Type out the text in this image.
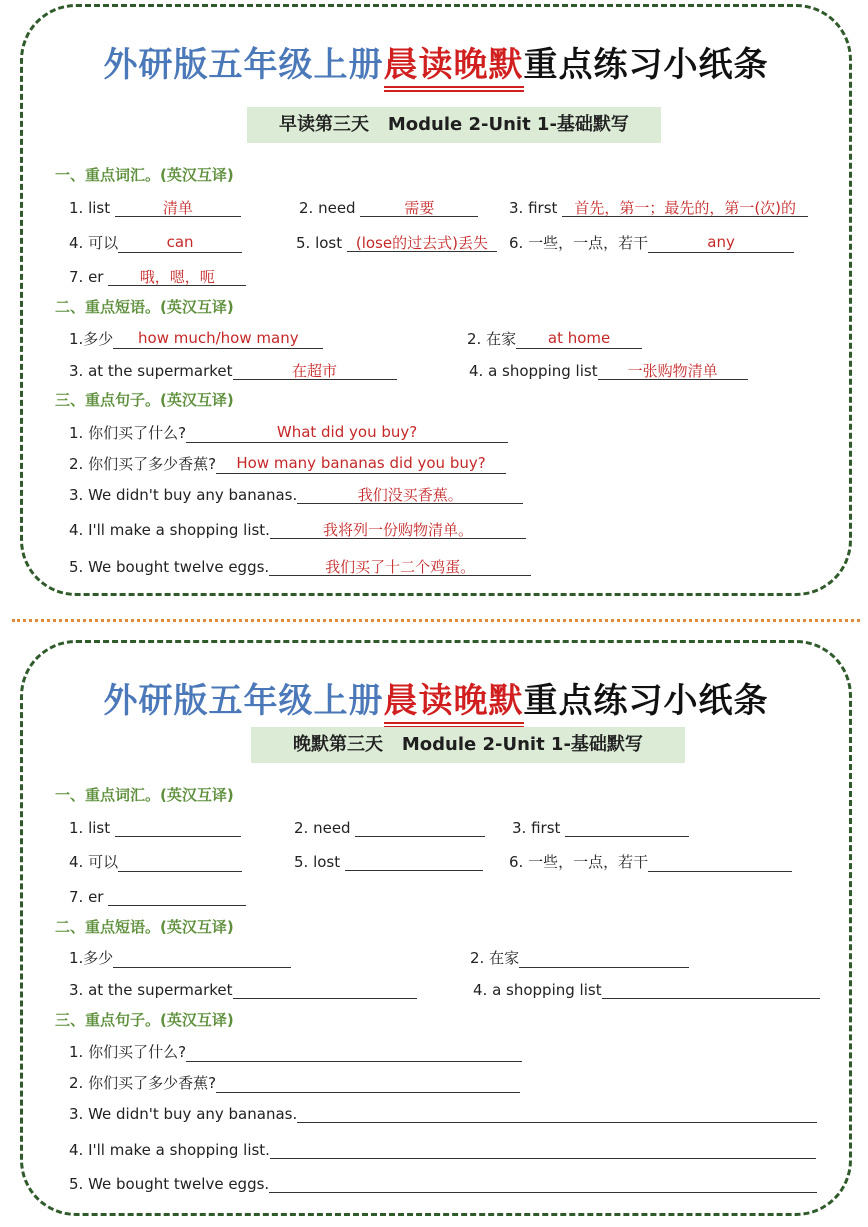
外研版五年级上册晨读晚默重点练习小纸条
早读第三天   Module 2-Unit 1-基础默写
一、重点词汇。(英汉互译)
1. list	清单	2. need	需要	3. first 首先，第一；最先的，第一(次)的
4. 可以	can	5. lost (lose的过去式)丢失	6. 一些，一点，若干	any
7. er 哦，嗯，呃
二、重点短语。(英汉互译)
1.多少 how much/how many	2. 在家 at home
3. at the supermarket	在超市	4. a shopping list 一张购物清单
三、重点句子。(英汉互译)
1. 你们买了什么?	What did you buy?
2. 你们买了多少香蕉? How many bananas did you buy?
3. We didn't buy any bananas.	我们没买香蕉。
4. I'll make a shopping list.	我将列一份购物清单。
5. We bought twelve eggs.	我们买了十二个鸡蛋。
外研版五年级上册晨读晚默重点练习小纸条
晚默第三天   Module 2-Unit 1-基础默写
一、重点词汇。(英汉互译)
1. list	2. need	3. first
4. 可以	5. lost	6. 一些，一点，若干
7. er
二、重点短语。(英汉互译)
1.多少	2. 在家
3. at the supermarket	4. a shopping list
三、重点句子。(英汉互译)
1. 你们买了什么?
2. 你们买了多少香蕉?
3. We didn't buy any bananas.
4. I'll make a shopping list.
5. We bought twelve eggs.
